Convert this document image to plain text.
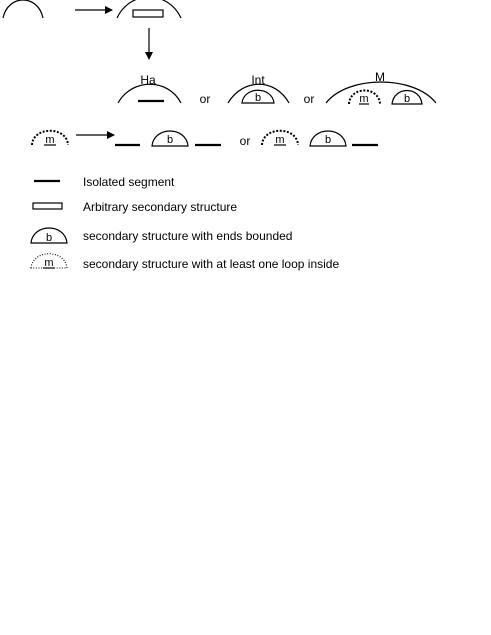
Ha
or
Int
b	or
M
m	b
m	b	or m	b
Isolated segment
Arbitrary secondary structure
b	secondary structure with ends bounded
m secondary structure with at least one loop inside
